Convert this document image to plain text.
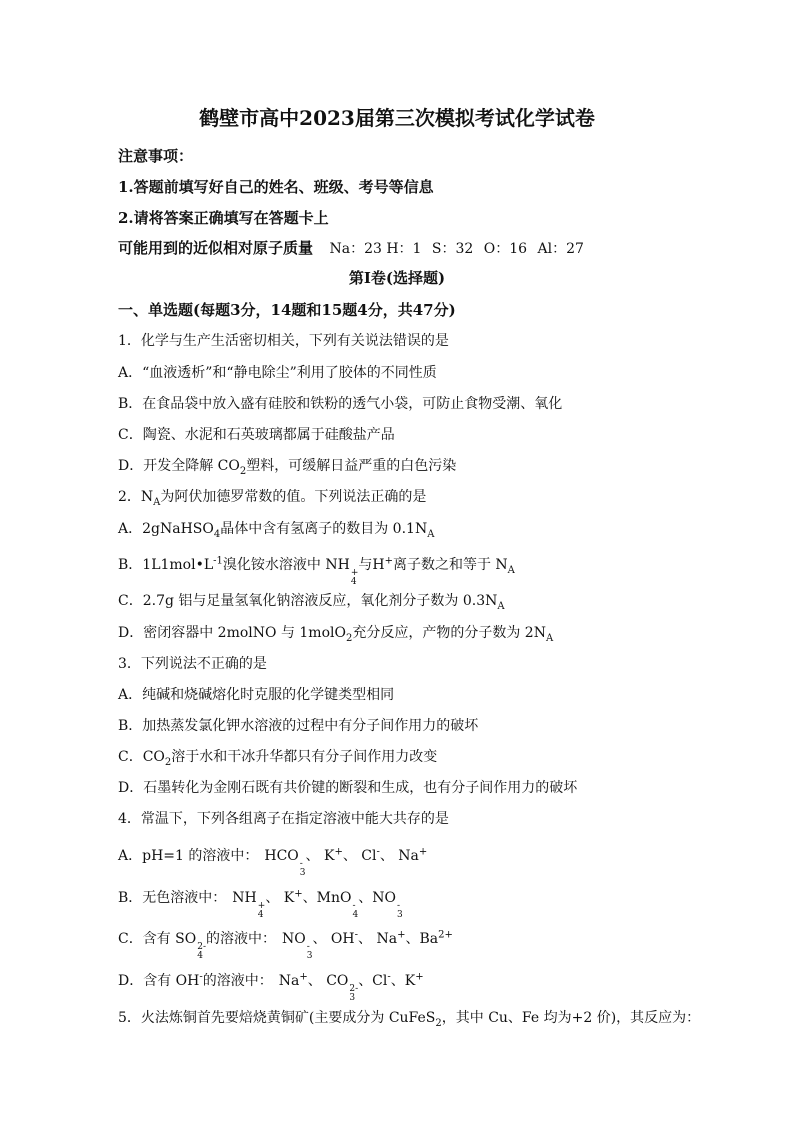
鹤壁市高中2023届第三次模拟考试化学试卷
注意事项：
1.答题前填写好自己的姓名、班级、考号等信息
2.请将答案正确填写在答题卡上
可能用到的近似相对原子质量 Na：23 H：1 S：32 O：16 Al：27
第I卷(选择题)
一、单选题(每题3分，14题和15题4分，共47分)
1．化学与生产生活密切相关，下列有关说法错误的是
A．“血液透析”和“静电除尘”利用了胶体的不同性质
B．在食品袋中放入盛有硅胶和铁粉的透气小袋，可防止食物受潮、氧化
C．陶瓷、水泥和石英玻璃都属于硅酸盐产品
D．开发全降解 $CO_2$塑料，可缓解日益严重的白色污染
2．$N_A$为阿伏加德罗常数的值。下列说法正确的是
A．2gNaHSO$_4$晶体中含有氢离子的数目为 $0.1N_A$
B．$1L1mol•L^{-1}$溴化铵水溶液中 NH +
4
与H+离子数之和等于 $N_A$
C．2.7g 铝与足量氢氧化钠溶液反应，氧化剂分子数为 $0.3N_A$
D．密闭容器中 2molNO 与 1molO$_2$充分反应，产物的分子数为 $2N_A$
3．下列说法不正确的是
A．纯碱和烧碱熔化时克服的化学键类型相同
B．加热蒸发氯化钾水溶液的过程中有分子间作用力的破坏
C．$CO_2$溶于水和干冰升华都只有分子间作用力改变
D．石墨转化为金刚石既有共价键的断裂和生成，也有分子间作用力的破坏
4．常温下，下列各组离子在指定溶液中能大共存的是
A．pH=1 的溶液中： HCO -
3
、 K+、 Cl-、 Na+
B．无色溶液中： NH +
4
、 K+、MnO -
4
、NO -
3
C．含有 SO 2-
4
的溶液中： NO -
3
、 OH-、 Na+、$Ba^{2+}$
D．含有 OH-的溶液中： Na+、 CO 2-
3
、Cl-、K+
5．火法炼铜首先要焙烧黄铜矿(主要成分为 CuFeS$_2$，其中 Cu、Fe 均为+2 价)，其反应为：
